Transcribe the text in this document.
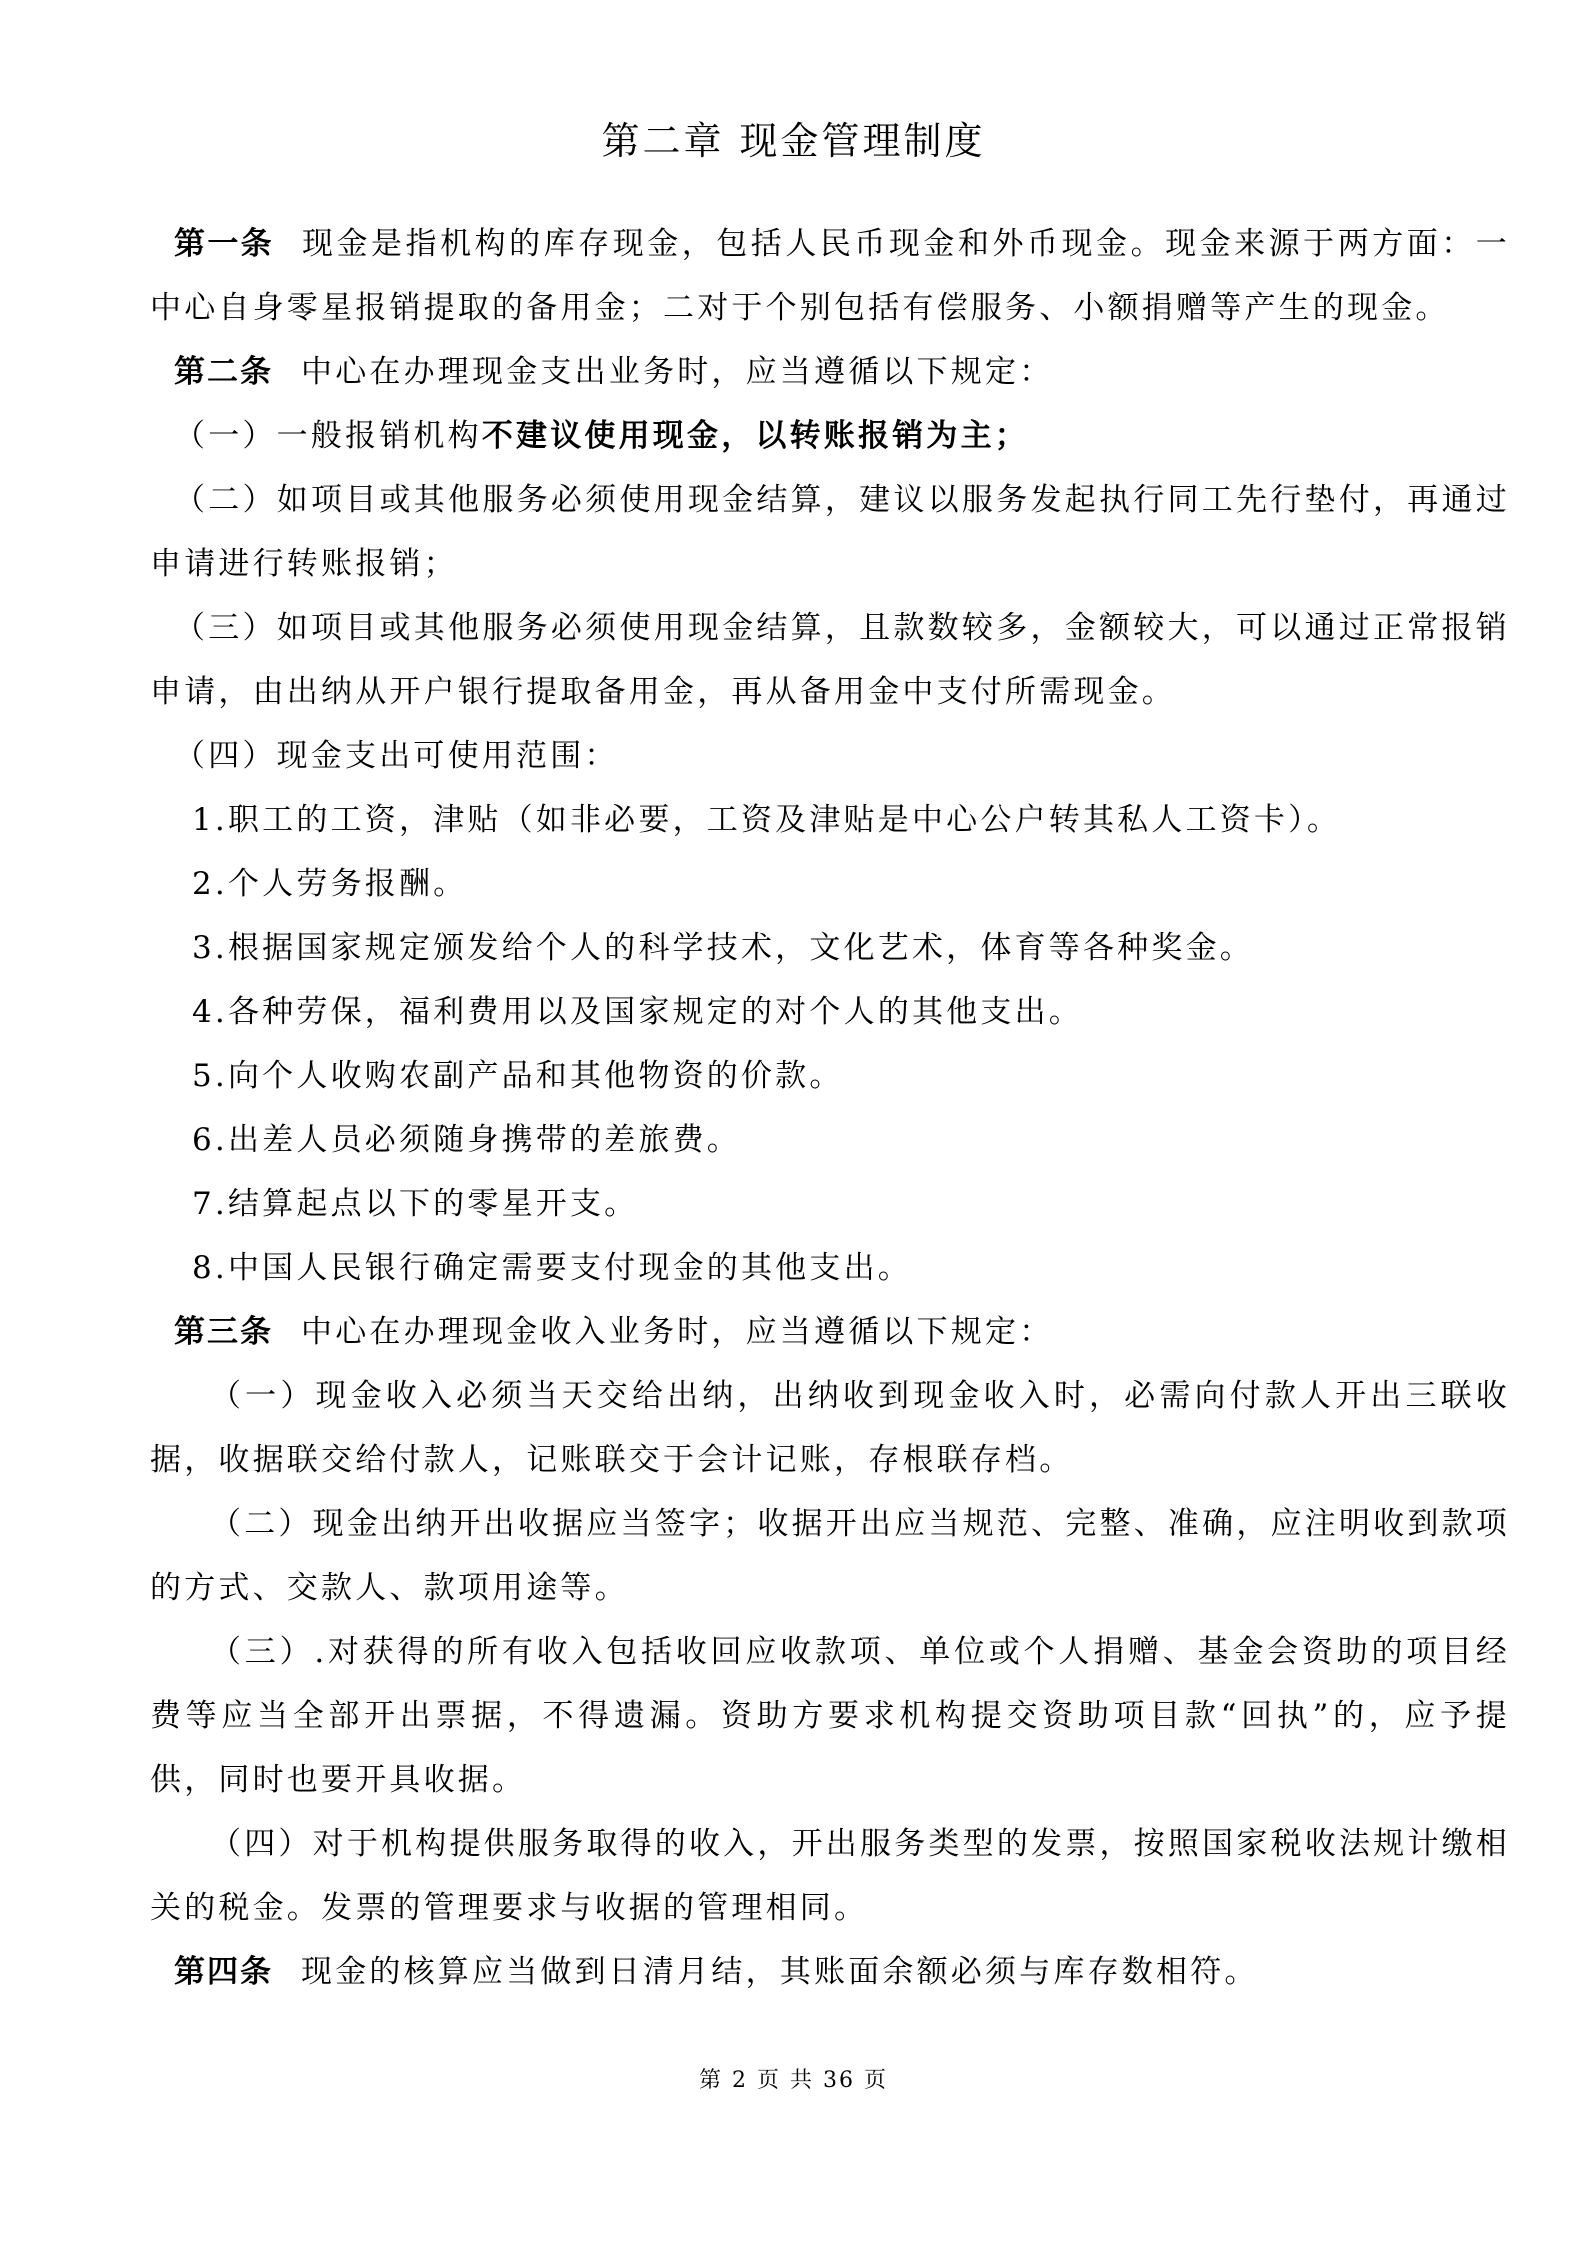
第二章 现金管理制度

第一条 现金是指机构的库存现金，包括人民币现金和外币现金。现金来源于两方面：一中心自身零星报销提取的备用金；二对于个别包括有偿服务、小额捐赠等产生的现金。

第二条 中心在办理现金支出业务时，应当遵循以下规定：

（一）一般报销机构不建议使用现金，以转账报销为主；

（二）如项目或其他服务必须使用现金结算，建议以服务发起执行同工先行垫付，再通过申请进行转账报销；

（三）如项目或其他服务必须使用现金结算，且款数较多，金额较大，可以通过正常报销申请，由出纳从开户银行提取备用金，再从备用金中支付所需现金。

（四）现金支出可使用范围：

1.职工的工资，津贴（如非必要，工资及津贴是中心公户转其私人工资卡）。

2.个人劳务报酬。

3.根据国家规定颁发给个人的科学技术，文化艺术，体育等各种奖金。

4.各种劳保，福利费用以及国家规定的对个人的其他支出。

5.向个人收购农副产品和其他物资的价款。

6.出差人员必须随身携带的差旅费。

7.结算起点以下的零星开支。

8.中国人民银行确定需要支付现金的其他支出。

第三条 中心在办理现金收入业务时，应当遵循以下规定：

（一）现金收入必须当天交给出纳，出纳收到现金收入时，必需向付款人开出三联收据，收据联交给付款人，记账联交于会计记账，存根联存档。

（二）现金出纳开出收据应当签字；收据开出应当规范、完整、准确，应注明收到款项的方式、交款人、款项用途等。

（三）.对获得的所有收入包括收回应收款项、单位或个人捐赠、基金会资助的项目经费等应当全部开出票据，不得遗漏。资助方要求机构提交资助项目款“回执”的，应予提供，同时也要开具收据。

（四）对于机构提供服务取得的收入，开出服务类型的发票，按照国家税收法规计缴相关的税金。发票的管理要求与收据的管理相同。

第四条 现金的核算应当做到日清月结，其账面余额必须与库存数相符。

第 2 页 共 36 页
